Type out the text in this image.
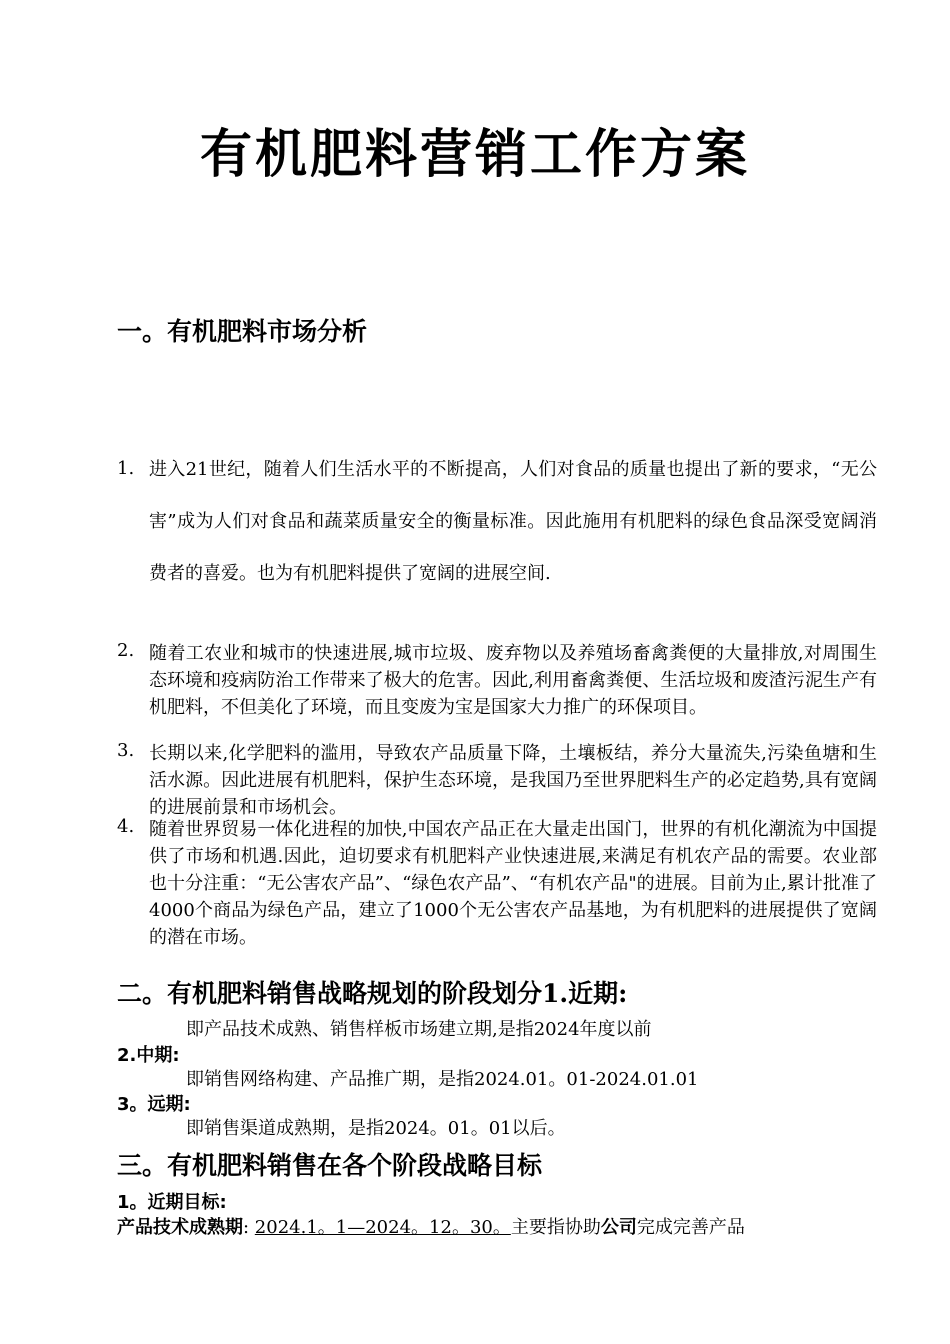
有机肥料营销工作方案
一。有机肥料市场分析
1. 进入21世纪，随着人们生活水平的不断提高，人们对食品的质量也提出了新的要求，“无公害”成为人们对食品和蔬菜质量安全的衡量标准。因此施用有机肥料的绿色食品深受宽阔消费者的喜爱。也为有机肥料提供了宽阔的进展空间.
2. 随着工农业和城市的快速进展,城市垃圾、废弃物以及养殖场畜禽粪便的大量排放,对周围生态环境和疫病防治工作带来了极大的危害。因此,利用畜禽粪便、生活垃圾和废渣污泥生产有机肥料，不但美化了环境，而且变废为宝是国家大力推广的环保项目。
3. 长期以来,化学肥料的滥用，导致农产品质量下降，土壤板结，养分大量流失,污染鱼塘和生活水源。因此进展有机肥料，保护生态环境，是我国乃至世界肥料生产的必定趋势,具有宽阔的进展前景和市场机会。
4. 随着世界贸易一体化进程的加快,中国农产品正在大量走出国门，世界的有机化潮流为中国提供了市场和机遇.因此，迫切要求有机肥料产业快速进展,来满足有机农产品的需要。农业部也十分注重：“无公害农产品”、“绿色农产品”、“有机农产品"的进展。目前为止,累计批准了4000个商品为绿色产品，建立了1000个无公害农产品基地，为有机肥料的进展提供了宽阔的潜在市场。
二。有机肥料销售战略规划的阶段划分1.近期:
即产品技术成熟、销售样板市场建立期,是指2024年度以前
2.中期:
即销售网络构建、产品推广期，是指2024.01。01-2024.01.01
3。远期:
即销售渠道成熟期，是指2024。01。01以后。
三。有机肥料销售在各个阶段战略目标
1。近期目标:
产品技术成熟期: 2024.1。1—2024。12。30。主要指协助公司完成完善产品
